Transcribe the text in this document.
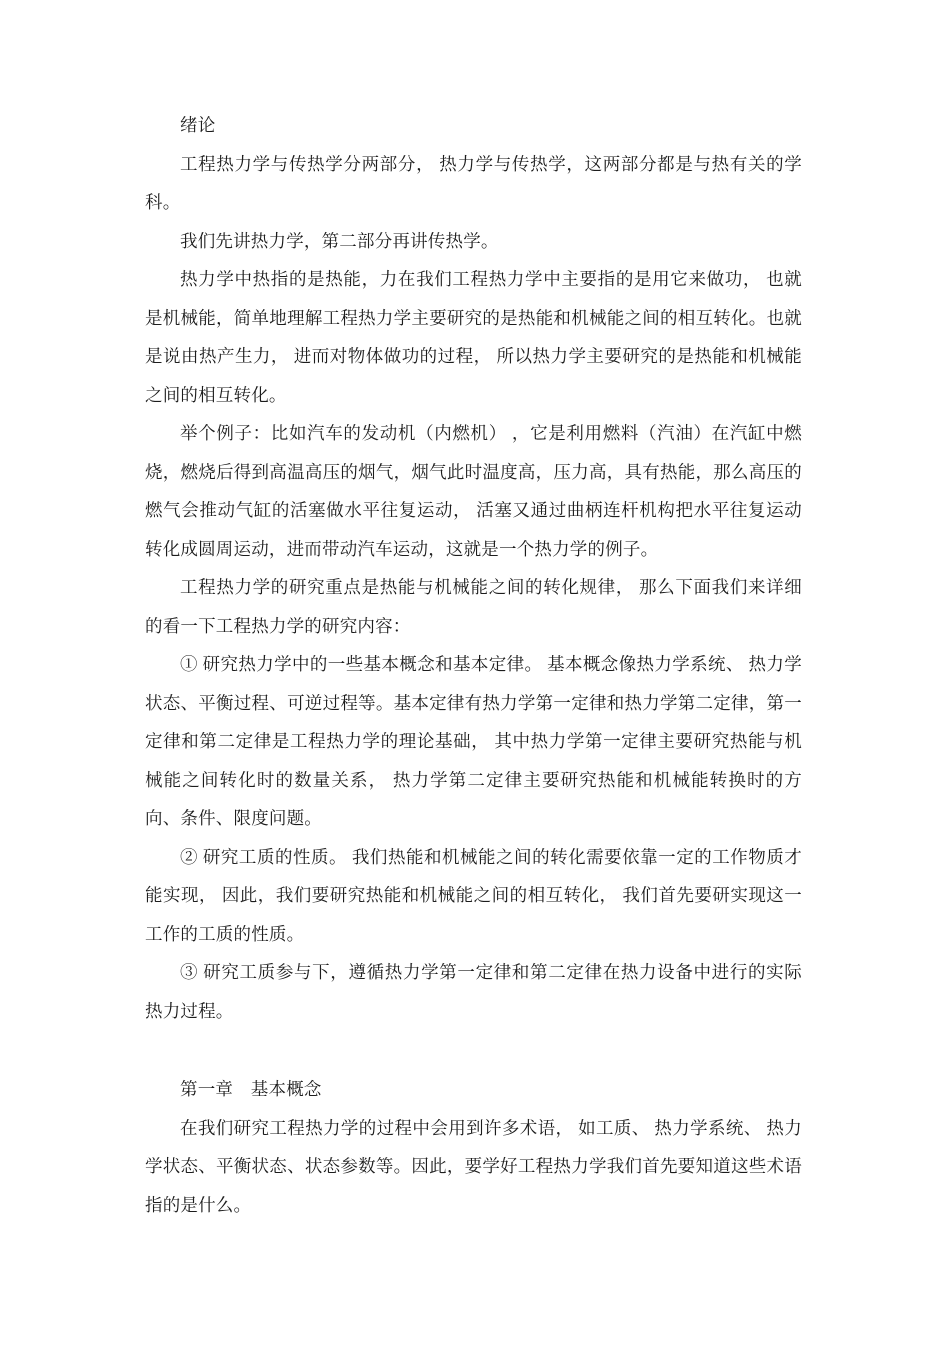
绪论

工程热力学与传热学分两部分， 热力学与传热学，这两部分都是与热有关的学科。

我们先讲热力学，第二部分再讲传热学。

热力学中热指的是热能，力在我们工程热力学中主要指的是用它来做功， 也就是机械能，简单地理解工程热力学主要研究的是热能和机械能之间的相互转化。也就是说由热产生力， 进而对物体做功的过程， 所以热力学主要研究的是热能和机械能之间的相互转化。

举个例子：比如汽车的发动机（内燃机） ，它是利用燃料（汽油）在汽缸中燃烧，燃烧后得到高温高压的烟气，烟气此时温度高，压力高，具有热能，那么高压的燃气会推动气缸的活塞做水平往复运动， 活塞又通过曲柄连杆机构把水平往复运动转化成圆周运动，进而带动汽车运动，这就是一个热力学的例子。

工程热力学的研究重点是热能与机械能之间的转化规律， 那么下面我们来详细的看一下工程热力学的研究内容：

① 研究热力学中的一些基本概念和基本定律。 基本概念像热力学系统、 热力学状态、平衡过程、可逆过程等。基本定律有热力学第一定律和热力学第二定律，第一定律和第二定律是工程热力学的理论基础， 其中热力学第一定律主要研究热能与机械能之间转化时的数量关系， 热力学第二定律主要研究热能和机械能转换时的方向、条件、限度问题。

② 研究工质的性质。 我们热能和机械能之间的转化需要依靠一定的工作物质才能实现， 因此，我们要研究热能和机械能之间的相互转化， 我们首先要研实现这一工作的工质的性质。

③ 研究工质参与下，遵循热力学第一定律和第二定律在热力设备中进行的实际热力过程。

第一章　基本概念

在我们研究工程热力学的过程中会用到许多术语， 如工质、 热力学系统、 热力学状态、平衡状态、状态参数等。因此，要学好工程热力学我们首先要知道这些术语指的是什么。
